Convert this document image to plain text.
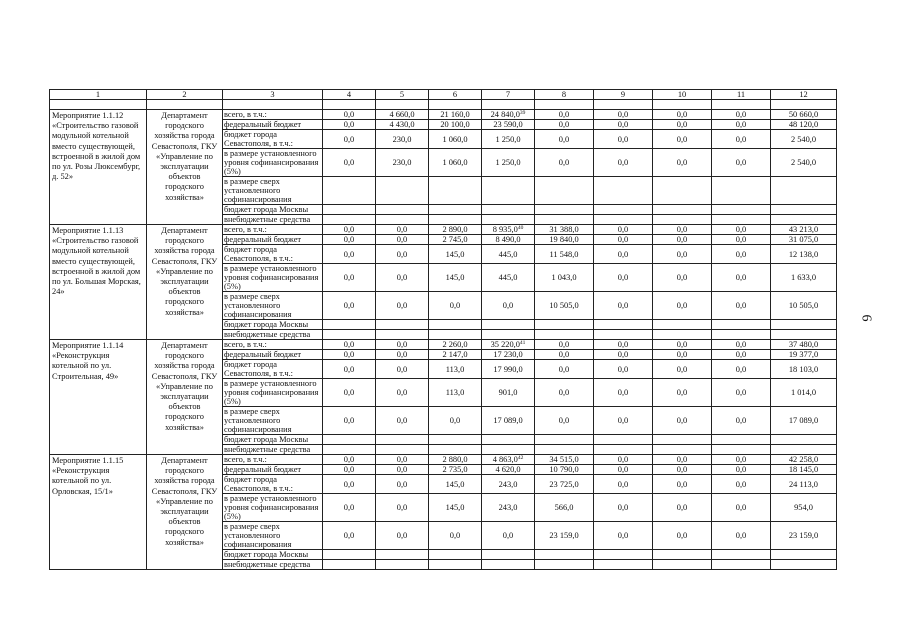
1	2	3	4	5	6	7	8	9	10	11	12

Мероприятие 1.1.12 «Строительство газовой модульной котельной вместо существующей, встроенной в жилой дом по ул. Розы Люксембург, д. 52»	Департамент городского хозяйства города Севастополя, ГКУ «Управление по эксплуатации объектов городского хозяйства»	всего, в т.ч.:	0,0	4 660,0	21 160,0	24 840,0$^{39}$	0,0	0,0	0,0	0,0	50 660,0
		федеральный бюджет	0,0	4 430,0	20 100,0	23 590,0	0,0	0,0	0,0	0,0	48 120,0
		бюджет города Севастополя, в т.ч.:	0,0	230,0	1 060,0	1 250,0	0,0	0,0	0,0	0,0	2 540,0
		в размере установленного уровня софинансирования (5%)	0,0	230,0	1 060,0	1 250,0	0,0	0,0	0,0	0,0	2 540,0
		в размере сверх установленного софинансирования									
		бюджет города Москвы									
		внебюджетные средства									
Мероприятие 1.1.13 «Строительство газовой модульной котельной вместо существующей, встроенной в жилой дом по ул. Большая Морская, 24»	Департамент городского хозяйства города Севастополя, ГКУ «Управление по эксплуатации объектов городского хозяйства»	всего, в т.ч.:	0,0	0,0	2 890,0	8 935,0$^{40}$	31 388,0	0,0	0,0	0,0	43 213,0
		федеральный бюджет	0,0	0,0	2 745,0	8 490,0	19 840,0	0,0	0,0	0,0	31 075,0
		бюджет города Севастополя, в т.ч.:	0,0	0,0	145,0	445,0	11 548,0	0,0	0,0	0,0	12 138,0
		в размере установленного уровня софинансирования (5%)	0,0	0,0	145,0	445,0	1 043,0	0,0	0,0	0,0	1 633,0
		в размере сверх установленного софинансирования	0,0	0,0	0,0	0,0	10 505,0	0,0	0,0	0,0	10 505,0
		бюджет города Москвы									
		внебюджетные средства									
Мероприятие 1.1.14 «Реконструкция котельной по ул. Строительная, 49»	Департамент городского хозяйства города Севастополя, ГКУ «Управление по эксплуатации объектов городского хозяйства»	всего, в т.ч.:	0,0	0,0	2 260,0	35 220,0$^{41}$	0,0	0,0	0,0	0,0	37 480,0
		федеральный бюджет	0,0	0,0	2 147,0	17 230,0	0,0	0,0	0,0	0,0	19 377,0
		бюджет города Севастополя, в т.ч.:	0,0	0,0	113,0	17 990,0	0,0	0,0	0,0	0,0	18 103,0
		в размере установленного уровня софинансирования (5%)	0,0	0,0	113,0	901,0	0,0	0,0	0,0	0,0	1 014,0
		в размере сверх установленного софинансирования	0,0	0,0	0,0	17 089,0	0,0	0,0	0,0	0,0	17 089,0
		бюджет города Москвы									
		внебюджетные средства									
Мероприятие 1.1.15 «Реконструкция котельной по ул. Орловская, 15/1»	Департамент городского хозяйства города Севастополя, ГКУ «Управление по эксплуатации объектов городского хозяйства»	всего, в т.ч.:	0,0	0,0	2 880,0	4 863,0$^{42}$	34 515,0	0,0	0,0	0,0	42 258,0
		федеральный бюджет	0,0	0,0	2 735,0	4 620,0	10 790,0	0,0	0,0	0,0	18 145,0
		бюджет города Севастополя, в т.ч.:	0,0	0,0	145,0	243,0	23 725,0	0,0	0,0	0,0	24 113,0
		в размере установленного уровня софинансирования (5%)	0,0	0,0	145,0	243,0	566,0	0,0	0,0	0,0	954,0
		в размере сверх установленного софинансирования	0,0	0,0	0,0	0,0	23 159,0	0,0	0,0	0,0	23 159,0
		бюджет города Москвы									
		внебюджетные средства									
6
